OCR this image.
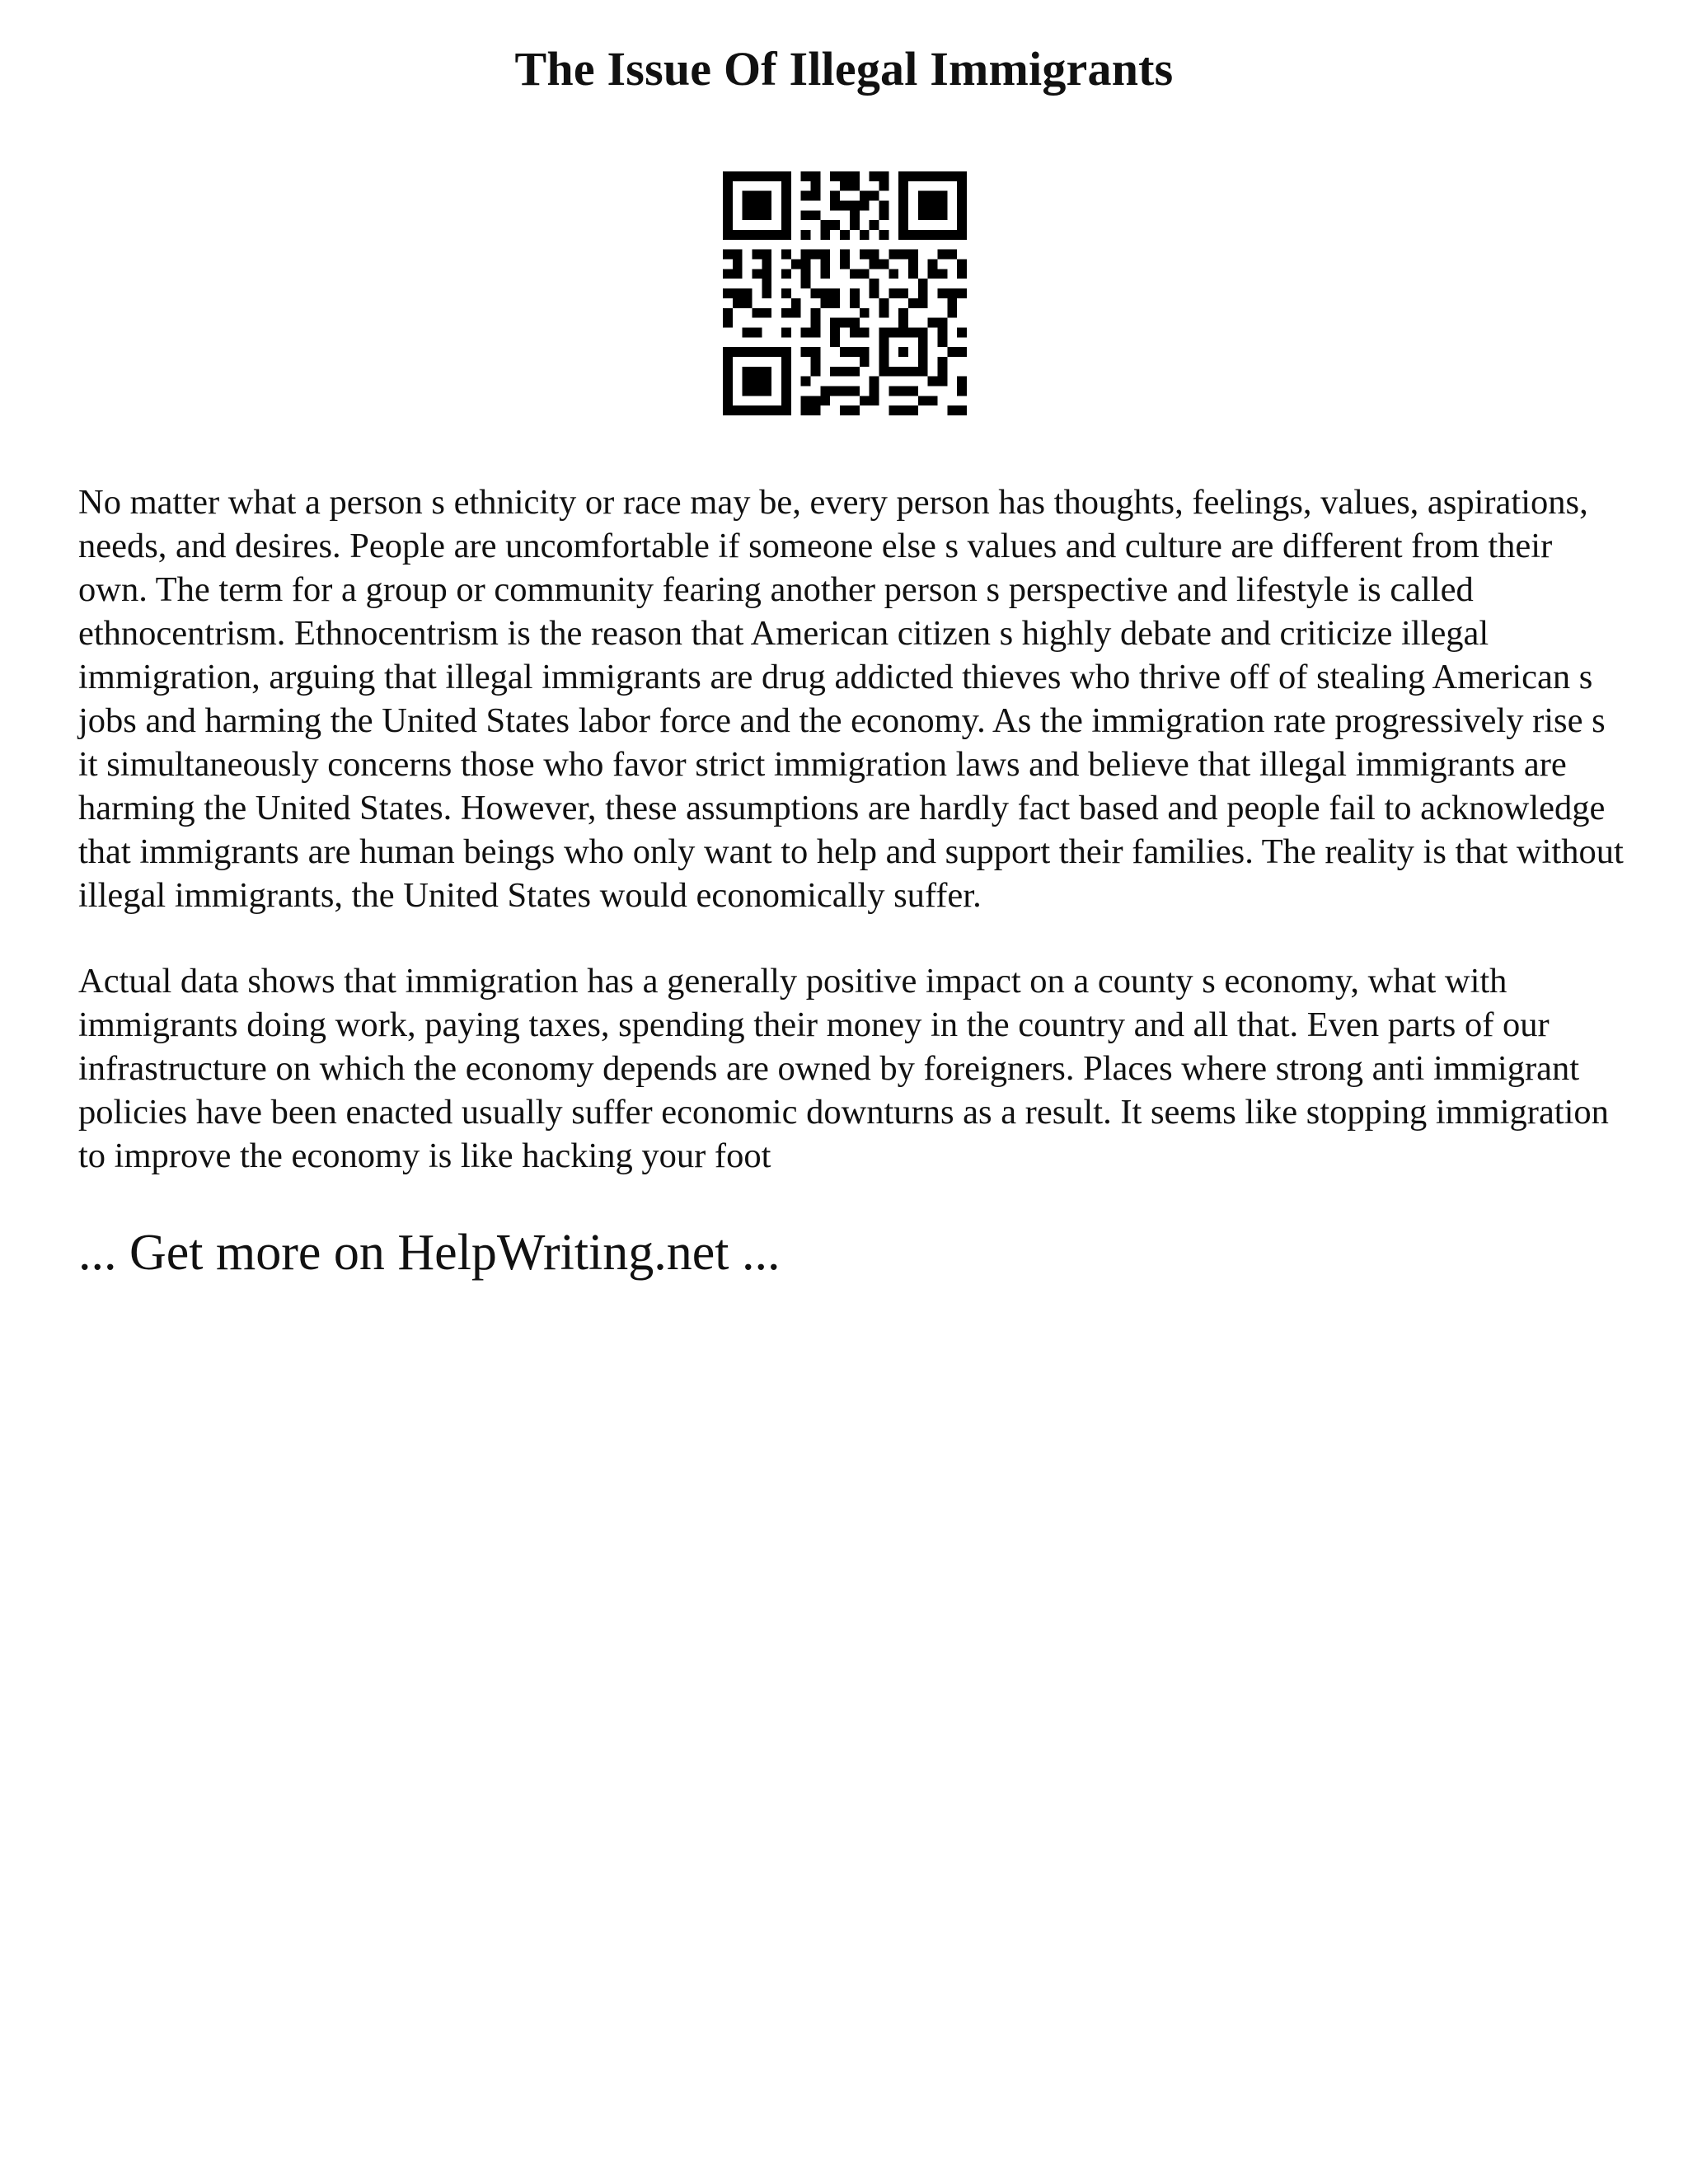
The Issue Of Illegal Immigrants

No matter what a person s ethnicity or race may be, every person has thoughts, feelings, values, aspirations, needs, and desires. People are uncomfortable if someone else s values and culture are different from their own. The term for a group or community fearing another person s perspective and lifestyle is called ethnocentrism. Ethnocentrism is the reason that American citizen s highly debate and criticize illegal immigration, arguing that illegal immigrants are drug addicted thieves who thrive off of stealing American s jobs and harming the United States labor force and the economy. As the immigration rate progressively rise s it simultaneously concerns those who favor strict immigration laws and believe that illegal immigrants are harming the United States. However, these assumptions are hardly fact based and people fail to acknowledge that immigrants are human beings who only want to help and support their families. The reality is that without illegal immigrants, the United States would economically suffer.

Actual data shows that immigration has a generally positive impact on a county s economy, what with immigrants doing work, paying taxes, spending their money in the country and all that. Even parts of our infrastructure on which the economy depends are owned by foreigners. Places where strong anti immigrant policies have been enacted usually suffer economic downturns as a result. It seems like stopping immigration to improve the economy is like hacking your foot

... Get more on HelpWriting.net ...
